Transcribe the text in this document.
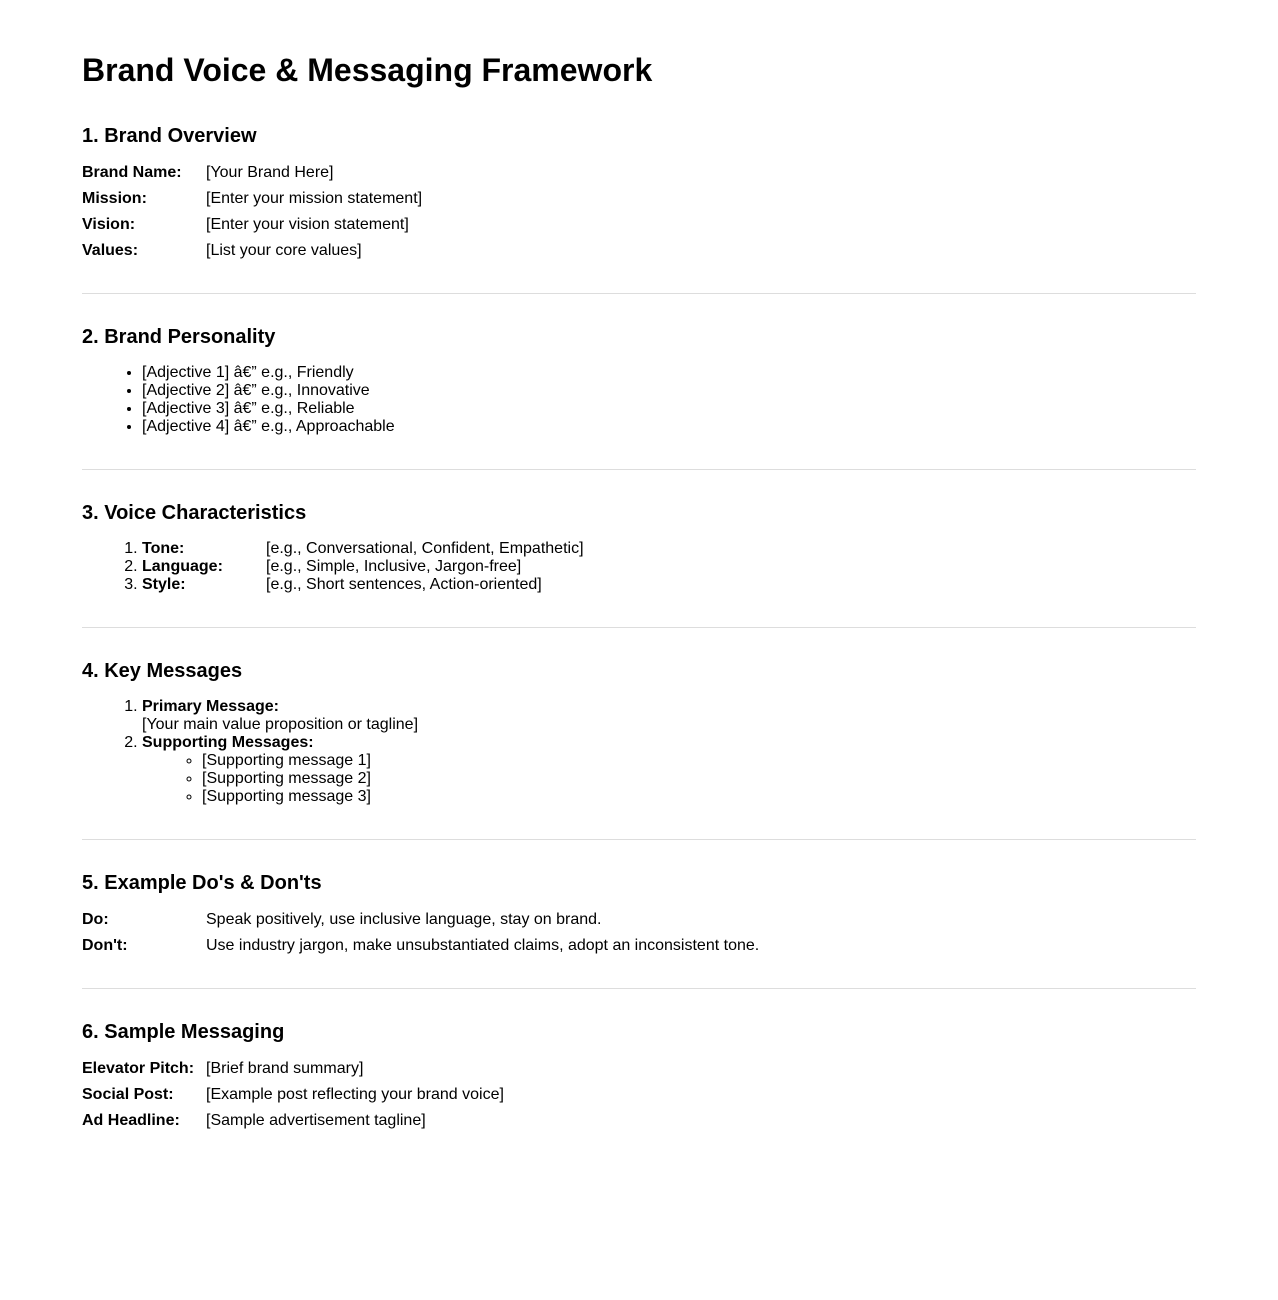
Brand Voice & Messaging Framework
1. Brand Overview
Brand Name:	[Your Brand Here]
Mission:	[Enter your mission statement]
Vision:	[Enter your vision statement]
Values:	[List your core values]
2. Brand Personality
• [Adjective 1] â€” e.g., Friendly
• [Adjective 2] â€” e.g., Innovative
• [Adjective 3] â€” e.g., Reliable
• [Adjective 4] â€” e.g., Approachable
3. Voice Characteristics
1. Tone:	[e.g., Conversational, Confident, Empathetic]
2. Language:	[e.g., Simple, Inclusive, Jargon-free]
3. Style:	[e.g., Short sentences, Action-oriented]
4. Key Messages
1. Primary Message:
[Your main value proposition or tagline]
2. Supporting Messages:
◦ [Supporting message 1]
◦ [Supporting message 2]
◦ [Supporting message 3]
5. Example Do's & Don'ts
Do:	Speak positively, use inclusive language, stay on brand.
Don't:	Use industry jargon, make unsubstantiated claims, adopt an inconsistent tone.
6. Sample Messaging
Elevator Pitch: [Brief brand summary]
Social Post:	[Example post reflecting your brand voice]
Ad Headline:	[Sample advertisement tagline]
